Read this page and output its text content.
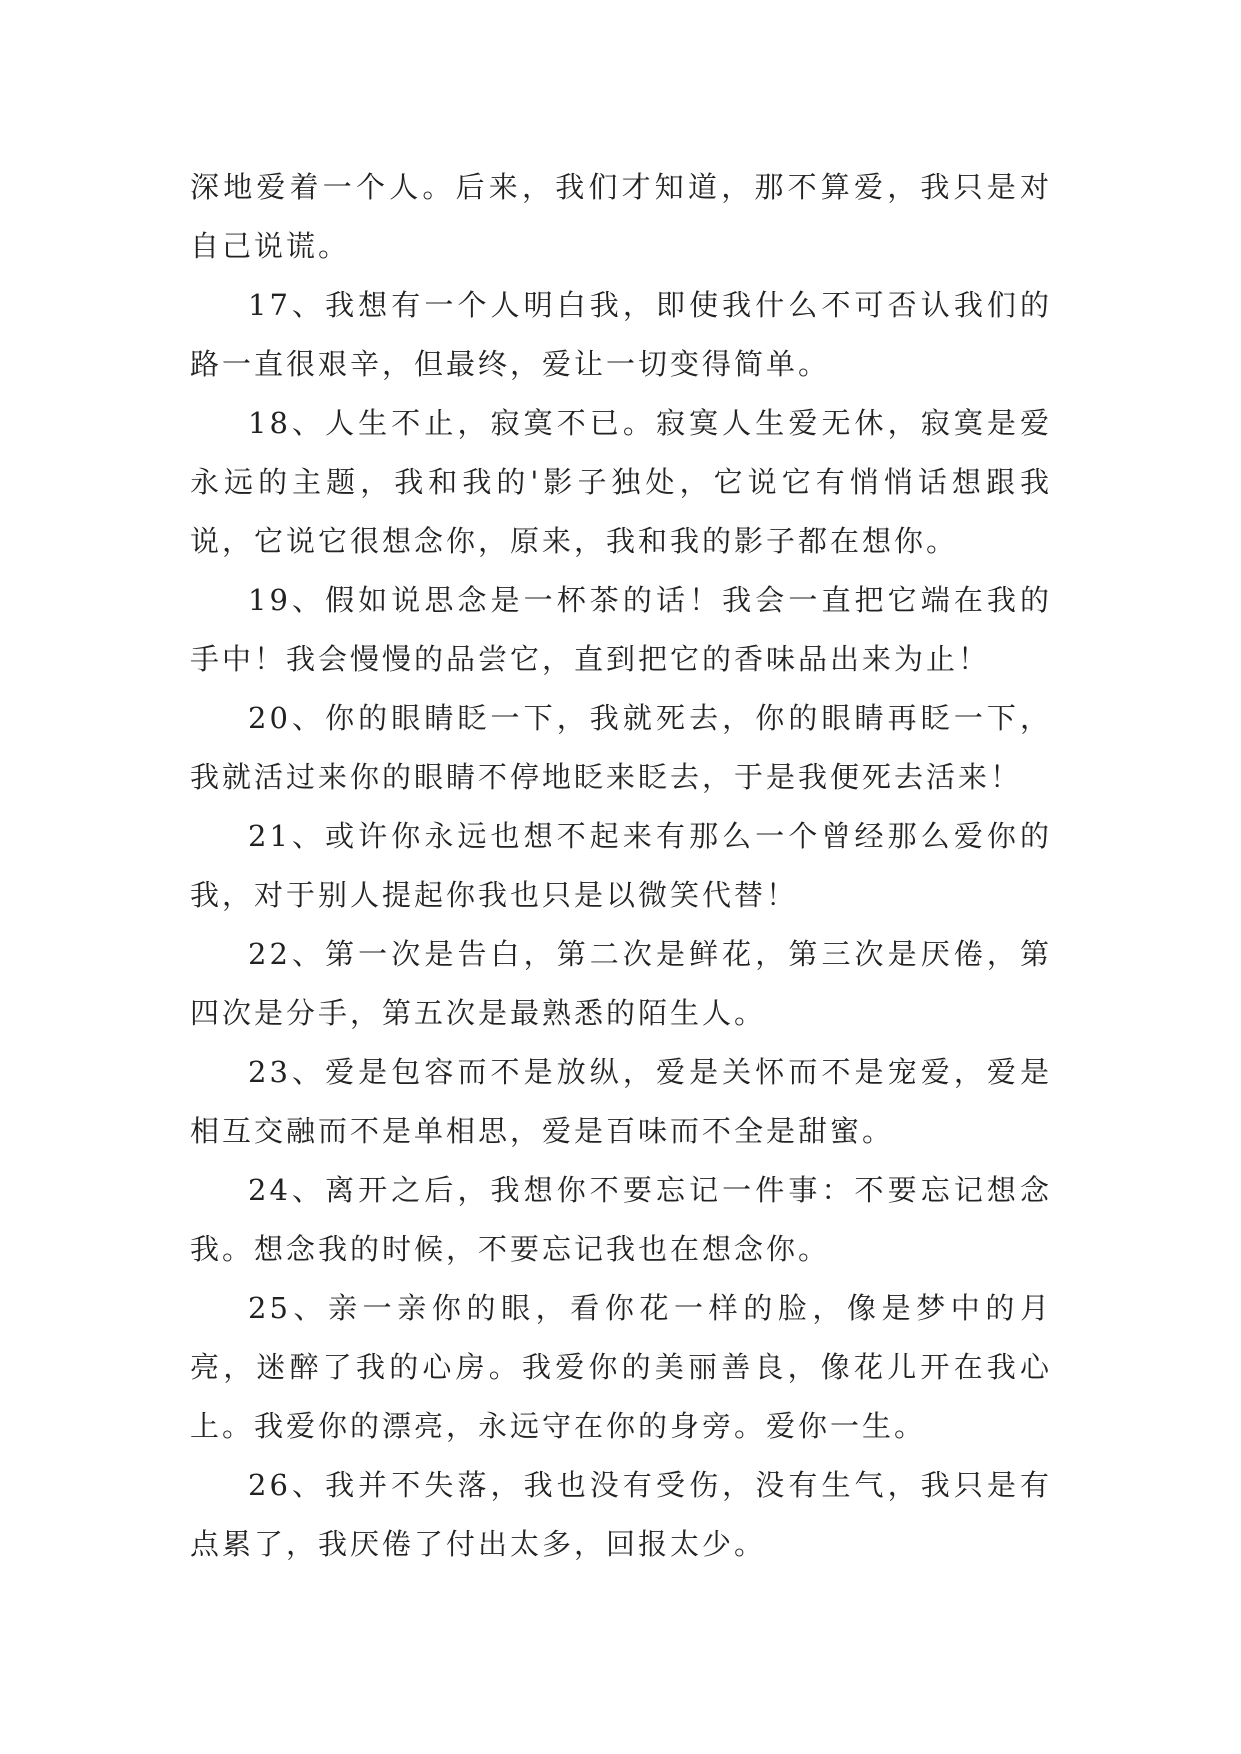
深地爱着一个人。后来，我们才知道，那不算爱，我只是对自己说谎。

17、我想有一个人明白我，即使我什么不可否认我们的路一直很艰辛，但最终，爱让一切变得简单。

18、人生不止，寂寞不已。寂寞人生爱无休，寂寞是爱永远的主题，我和我的'影子独处，它说它有悄悄话想跟我说，它说它很想念你，原来，我和我的影子都在想你。

19、假如说思念是一杯茶的话！我会一直把它端在我的手中！我会慢慢的品尝它，直到把它的香味品出来为止！

20、你的眼睛眨一下，我就死去，你的眼睛再眨一下，我就活过来你的眼睛不停地眨来眨去，于是我便死去活来！

21、或许你永远也想不起来有那么一个曾经那么爱你的我，对于别人提起你我也只是以微笑代替！

22、第一次是告白，第二次是鲜花，第三次是厌倦，第四次是分手，第五次是最熟悉的陌生人。

23、爱是包容而不是放纵，爱是关怀而不是宠爱，爱是相互交融而不是单相思，爱是百味而不全是甜蜜。

24、离开之后，我想你不要忘记一件事：不要忘记想念我。想念我的时候，不要忘记我也在想念你。

25、亲一亲你的眼，看你花一样的脸，像是梦中的月亮，迷醉了我的心房。我爱你的美丽善良，像花儿开在我心上。我爱你的漂亮，永远守在你的身旁。爱你一生。

26、我并不失落，我也没有受伤，没有生气，我只是有点累了，我厌倦了付出太多，回报太少。
